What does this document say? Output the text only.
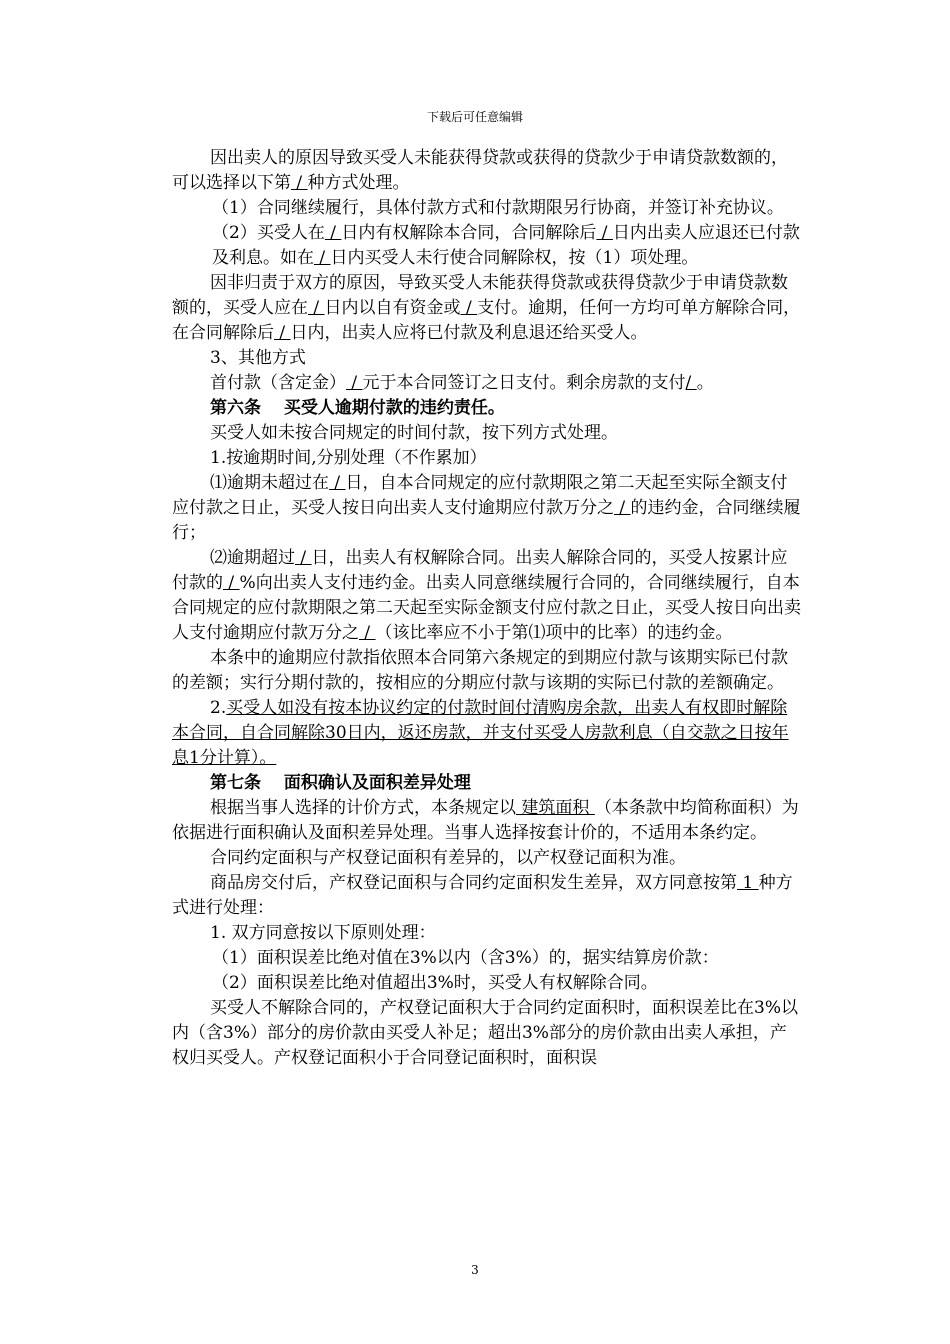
下载后可任意编辑

因出卖人的原因导致买受人未能获得贷款或获得的贷款少于申请贷款数额的，可以选择以下第 / 种方式处理。

（1）合同继续履行，具体付款方式和付款期限另行协商，并签订补充协议。

（2）买受人在 / 日内有权解除本合同，合同解除后 / 日内出卖人应退还已付款及利息。如在 / 日内买受人未行使合同解除权，按（1）项处理。

因非归责于双方的原因，导致买受人未能获得贷款或获得贷款少于申请贷款数额的，买受人应在 / 日内以自有资金或 / 支付。逾期，任何一方均可单方解除合同，在合同解除后 / 日内，出卖人应将已付款及利息退还给买受人。

3、其他方式

首付款（含定金） / 元于本合同签订之日支付。剩余房款的支付/ 。

第六条　 买受人逾期付款的违约责任。

买受人如未按合同规定的时间付款，按下列方式处理。

1.按逾期时间,分别处理（不作累加）

⑴逾期未超过在 / 日，自本合同规定的应付款期限之第二天起至实际全额支付应付款之日止，买受人按日向出卖人支付逾期应付款万分之 / 的违约金，合同继续履行；

⑵逾期超过 / 日，出卖人有权解除合同。出卖人解除合同的，买受人按累计应付款的 / %向出卖人支付违约金。出卖人同意继续履行合同的，合同继续履行，自本合同规定的应付款期限之第二天起至实际金额支付应付款之日止，买受人按日向出卖人支付逾期应付款万分之 / （该比率应不小于第⑴项中的比率）的违约金。

本条中的逾期应付款指依照本合同第六条规定的到期应付款与该期实际已付款的差额；实行分期付款的，按相应的分期应付款与该期的实际已付款的差额确定。

2.买受人如没有按本协议约定的付款时间付清购房余款，出卖人有权即时解除本合同，自合同解除30日内，返还房款，并支付买受人房款利息（自交款之日按年息1分计算）。

第七条　 面积确认及面积差异处理

根据当事人选择的计价方式，本条规定以 建筑面积 （本条款中均简称面积）为依据进行面积确认及面积差异处理。当事人选择按套计价的，不适用本条约定。

合同约定面积与产权登记面积有差异的，以产权登记面积为准。

商品房交付后，产权登记面积与合同约定面积发生差异，双方同意按第 1 种方式进行处理：

1. 双方同意按以下原则处理：

（1）面积误差比绝对值在3%以内（含3%）的，据实结算房价款：

（2）面积误差比绝对值超出3%时，买受人有权解除合同。

买受人不解除合同的，产权登记面积大于合同约定面积时，面积误差比在3%以内（含3%）部分的房价款由买受人补足；超出3%部分的房价款由出卖人承担，产权归买受人。产权登记面积小于合同登记面积时，面积误

3
